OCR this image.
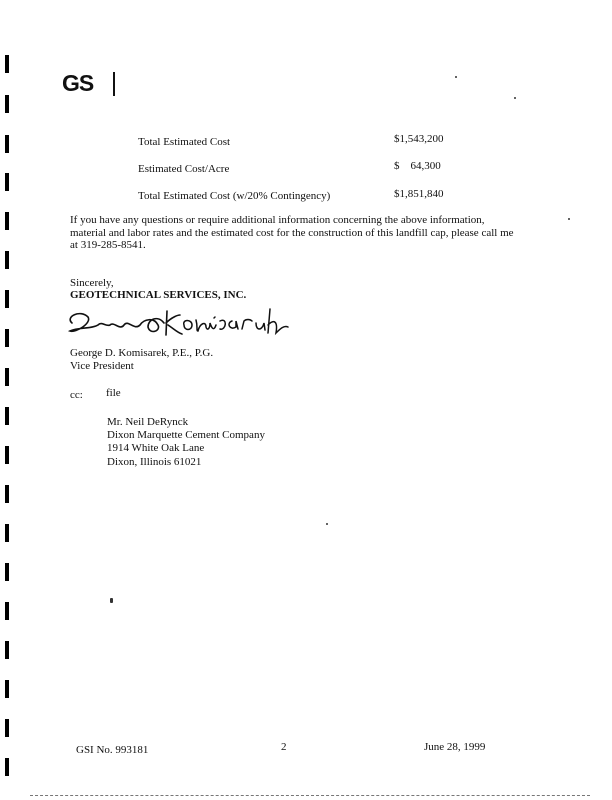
GS
Total Estimated Cost	$1,543,200
Estimated Cost/Acre	$    64,300
Total Estimated Cost (w/20% Contingency)	$1,851,840
If you have any questions or require additional information concerning the above information, material and labor rates and the estimated cost for the construction of this landfill cap, please call me at 319-285-8541.
Sincerely,
GEOTECHNICAL SERVICES, INC.
George D. Komisarek, P.E., P.G.
Vice President
cc: file
Mr. Neil DeRynck
Dixon Marquette Cement Company
1914 White Oak Lane
Dixon, Illinois 61021
GSI No. 993181	2	June 28, 1999
